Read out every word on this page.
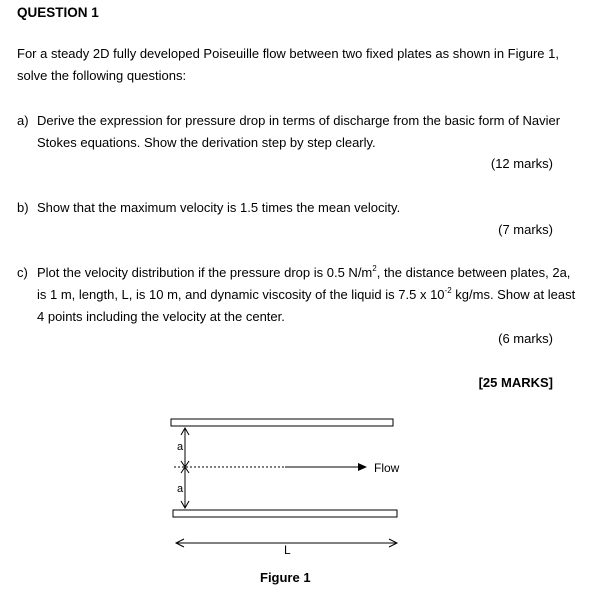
QUESTION 1
For a steady 2D fully developed Poiseuille flow between two fixed plates as shown in Figure 1,
solve the following questions:
a) Derive the expression for pressure drop in terms of discharge from the basic form of Navier
Stokes equations. Show the derivation step by step clearly.
(12 marks)
b) Show that the maximum velocity is 1.5 times the mean velocity.
(7 marks)
c) Plot the velocity distribution if the pressure drop is 0.5 $N/m^2$, the distance between plates, 2a,
is 1 m, length, L, is 10 m, and dynamic viscosity of the liquid is 7.5 x $10^{-2}$ kg/ms. Show at least
4 points including the velocity at the center.
(6 marks)
[25 MARKS]
a
a
Flow
L
Figure 1
